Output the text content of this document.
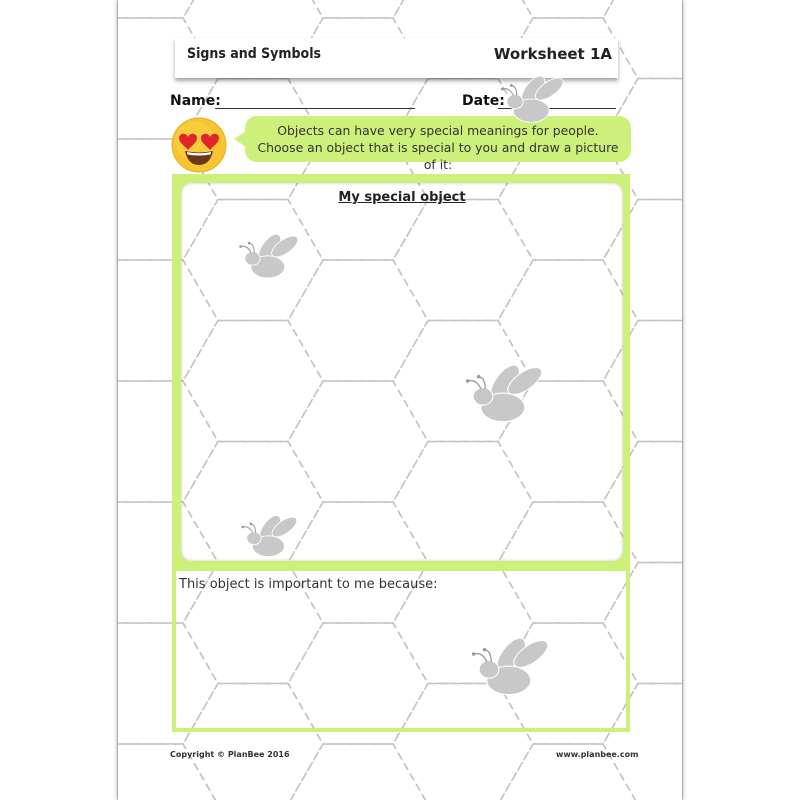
Signs and Symbols	Worksheet 1A
Name:	Date:
Objects can have very special meanings for people. Choose an object that is special to you and draw a picture of it:
My special object
This object is important to me because:
Copyright © PlanBee 2016	www.planbee.com
